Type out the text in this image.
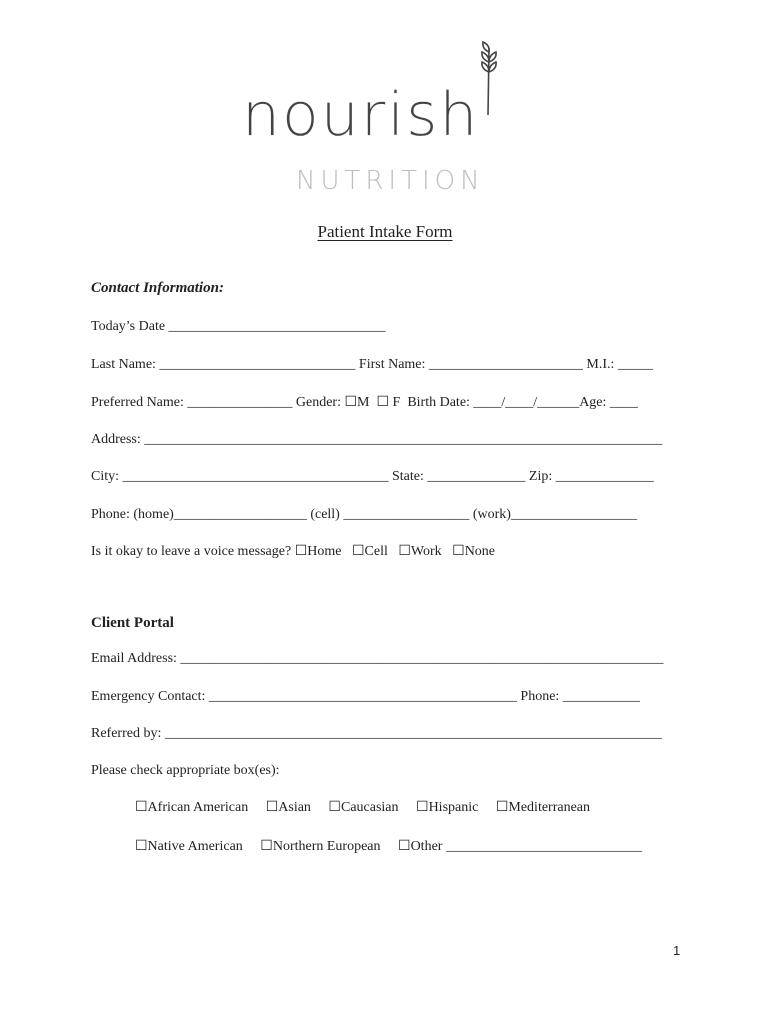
nourish
NUTRITION
Patient Intake Form
Contact Information:
Today’s Date _______________________________
Last Name: ____________________________ First Name: ______________________ M.I.: _____
Preferred Name: _______________ Gender: ☐M  ☐ F  Birth Date: ____/____/______Age: ____
Address: __________________________________________________________________________
City: ______________________________________ State: ______________ Zip: ______________
Phone: (home)___________________ (cell) __________________ (work)__________________
Is it okay to leave a voice message? ☐Home   ☐Cell   ☐Work   ☐None
Client Portal
Email Address: _____________________________________________________________________
Emergency Contact: ____________________________________________ Phone: ___________
Referred by: _______________________________________________________________________
Please check appropriate box(es):
☐African American     ☐Asian     ☐Caucasian     ☐Hispanic     ☐Mediterranean
☐Native American     ☐Northern European     ☐Other ____________________________
1
